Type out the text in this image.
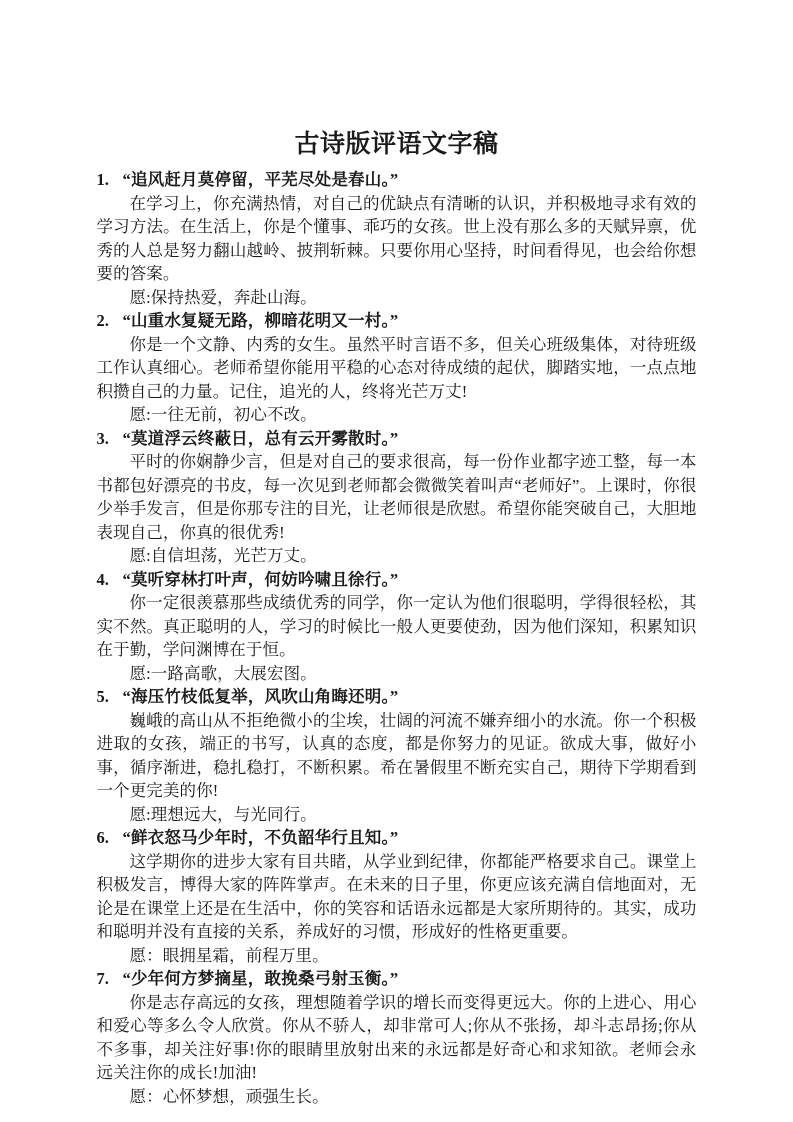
古诗版评语文字稿
1. “追风赶月莫停留，平芜尽处是春山。”

在学习上，你充满热情，对自己的优缺点有清晰的认识，并积极地寻求有效的学习方法。在生活上，你是个懂事、乖巧的女孩。世上没有那么多的天赋异禀，优秀的人总是努力翻山越岭、披荆斩棘。只要你用心坚持，时间看得见，也会给你想要的答案。

愿:保持热爱，奔赴山海。

2. “山重水复疑无路，柳暗花明又一村。”

你是一个文静、内秀的女生。虽然平时言语不多，但关心班级集体，对待班级工作认真细心。老师希望你能用平稳的心态对待成绩的起伏，脚踏实地，一点点地积攒自己的力量。记住，追光的人，终将光芒万丈!

愿:一往无前，初心不改。

3. “莫道浮云终蔽日，总有云开雾散时。”

平时的你娴静少言，但是对自己的要求很高，每一份作业都字迹工整，每一本书都包好漂亮的书皮，每一次见到老师都会微微笑着叫声“老师好”。上课时，你很少举手发言，但是你那专注的目光，让老师很是欣慰。希望你能突破自己，大胆地表现自己，你真的很优秀!

愿:自信坦荡，光芒万丈。

4. “莫听穿林打叶声，何妨吟啸且徐行。”

你一定很羡慕那些成绩优秀的同学，你一定认为他们很聪明，学得很轻松，其实不然。真正聪明的人，学习的时候比一般人更要使劲，因为他们深知，积累知识在于勤，学问渊博在于恒。

愿:一路高歌，大展宏图。

5. “海压竹枝低复举，风吹山角晦还明。”

巍峨的高山从不拒绝微小的尘埃，壮阔的河流不嫌弃细小的水流。你一个积极进取的女孩，端正的书写，认真的态度，都是你努力的见证。欲成大事，做好小事，循序渐进，稳扎稳打，不断积累。希在暑假里不断充实自己，期待下学期看到一个更完美的你!

愿:理想远大，与光同行。

6. “鲜衣怒马少年时，不负韶华行且知。”

这学期你的进步大家有目共睹，从学业到纪律，你都能严格要求自己。课堂上积极发言，博得大家的阵阵掌声。在未来的日子里，你更应该充满自信地面对，无论是在课堂上还是在生活中，你的笑容和话语永远都是大家所期待的。其实，成功和聪明并没有直接的关系，养成好的习惯，形成好的性格更重要。

愿：眼拥星霜，前程万里。

7. “少年何方梦摘星，敢挽桑弓射玉衡。”

你是志存高远的女孩，理想随着学识的增长而变得更远大。你的上进心、用心和爱心等多么令人欣赏。你从不骄人，却非常可人;你从不张扬，却斗志昂扬;你从不多事，却关注好事!你的眼睛里放射出来的永远都是好奇心和求知欲。老师会永远关注你的成长!加油!

愿：心怀梦想，顽强生长。
